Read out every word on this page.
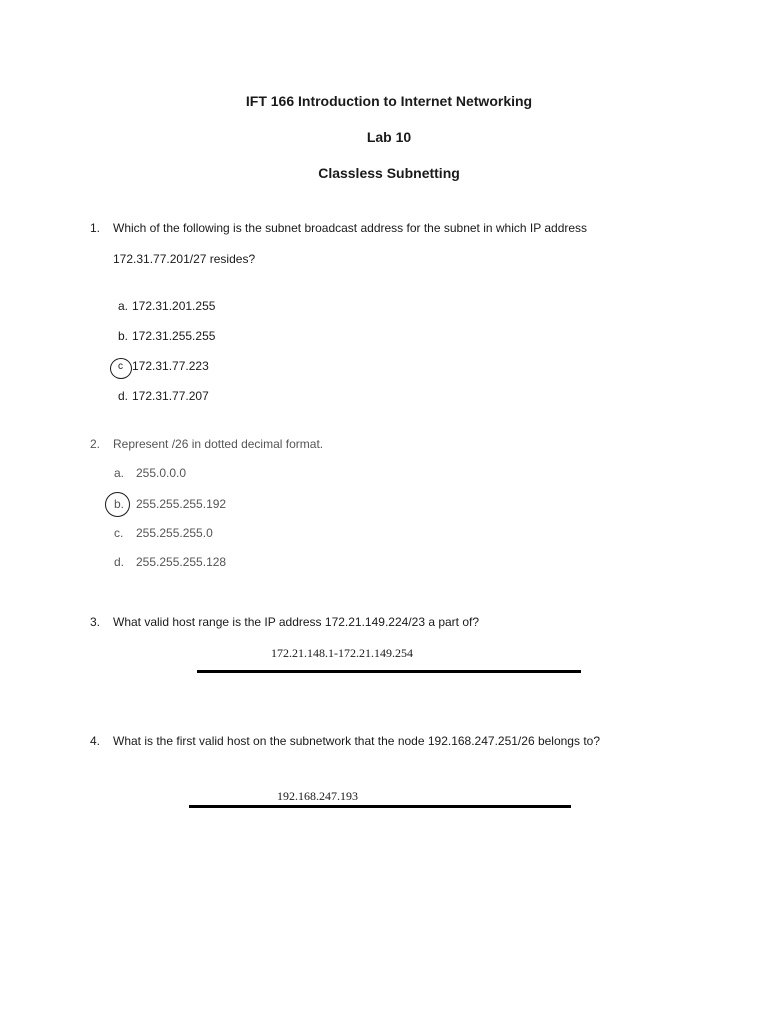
IFT 166 Introduction to Internet Networking
Lab 10
Classless Subnetting
1. Which of the following is the subnet broadcast address for the subnet in which IP address
172.31.77.201/27 resides?
a. 172.31.201.255
b. 172.31.255.255
c 172.31.77.223
d. 172.31.77.207
2. Represent /26 in dotted decimal format.
a. 255.0.0.0
b. 255.255.255.192
c. 255.255.255.0
d. 255.255.255.128
3. What valid host range is the IP address 172.21.149.224/23 a part of?
172.21.148.1-172.21.149.254
4. What is the first valid host on the subnetwork that the node 192.168.247.251/26 belongs to?
192.168.247.193
